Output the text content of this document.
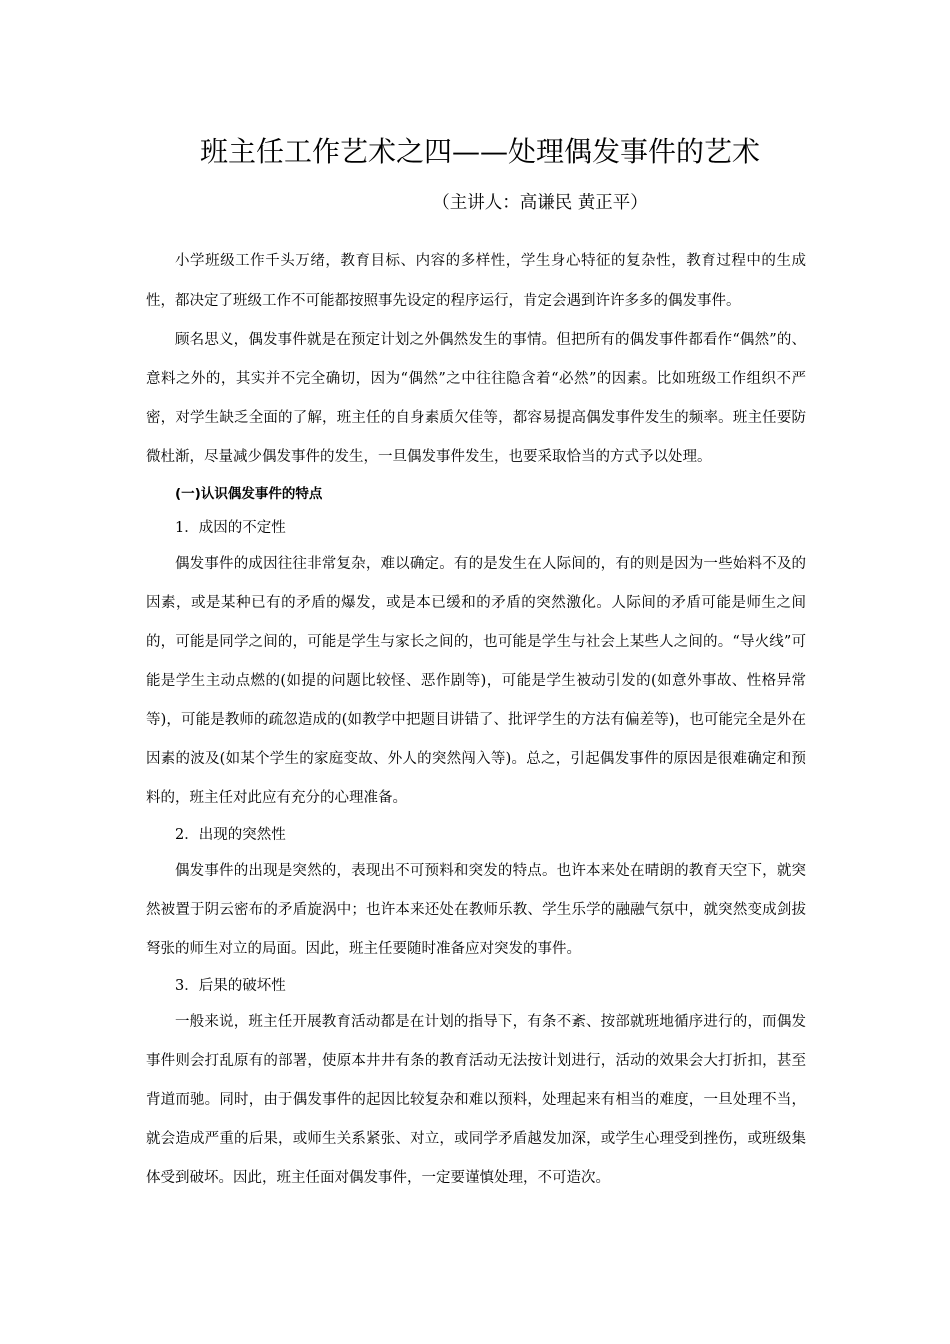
班主任工作艺术之四——处理偶发事件的艺术
（主讲人：高谦民 黄正平）

小学班级工作千头万绪，教育目标、内容的多样性，学生身心特征的复杂性，教育过程中的生成性，都决定了班级工作不可能都按照事先设定的程序运行，肯定会遇到许许多多的偶发事件。

顾名思义，偶发事件就是在预定计划之外偶然发生的事情。但把所有的偶发事件都看作“偶然”的、意料之外的，其实并不完全确切，因为“偶然”之中往往隐含着“必然”的因素。比如班级工作组织不严密，对学生缺乏全面的了解，班主任的自身素质欠佳等，都容易提高偶发事件发生的频率。班主任要防微杜渐，尽量减少偶发事件的发生，一旦偶发事件发生，也要采取恰当的方式予以处理。

(一)认识偶发事件的特点

1．成因的不定性

偶发事件的成因往往非常复杂，难以确定。有的是发生在人际间的，有的则是因为一些始料不及的因素，或是某种已有的矛盾的爆发，或是本已缓和的矛盾的突然激化。人际间的矛盾可能是师生之间的，可能是同学之间的，可能是学生与家长之间的，也可能是学生与社会上某些人之间的。“导火线”可能是学生主动点燃的(如提的问题比较怪、恶作剧等)，可能是学生被动引发的(如意外事故、性格异常等)，可能是教师的疏忽造成的(如教学中把题目讲错了、批评学生的方法有偏差等)，也可能完全是外在因素的波及(如某个学生的家庭变故、外人的突然闯入等)。总之，引起偶发事件的原因是很难确定和预料的，班主任对此应有充分的心理准备。

2．出现的突然性

偶发事件的出现是突然的，表现出不可预料和突发的特点。也许本来处在晴朗的教育天空下，就突然被置于阴云密布的矛盾旋涡中；也许本来还处在教师乐教、学生乐学的融融气氛中，就突然变成剑拔弩张的师生对立的局面。因此，班主任要随时准备应对突发的事件。

3．后果的破坏性

一般来说，班主任开展教育活动都是在计划的指导下，有条不紊、按部就班地循序进行的，而偶发事件则会打乱原有的部署，使原本井井有条的教育活动无法按计划进行，活动的效果会大打折扣，甚至背道而驰。同时，由于偶发事件的起因比较复杂和难以预料，处理起来有相当的难度，一旦处理不当，就会造成严重的后果，或师生关系紧张、对立，或同学矛盾越发加深，或学生心理受到挫伤，或班级集体受到破坏。因此，班主任面对偶发事件，一定要谨慎处理，不可造次。
